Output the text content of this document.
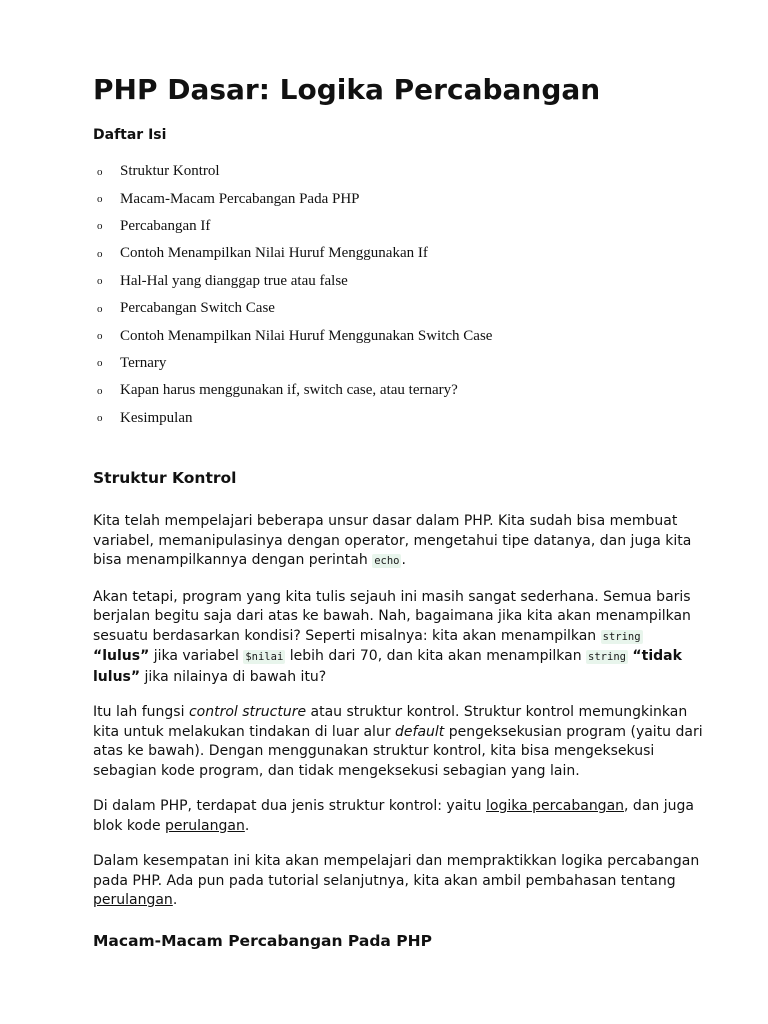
PHP Dasar: Logika Percabangan
Daftar Isi
o	Struktur Kontrol
o	Macam-Macam Percabangan Pada PHP
o	Percabangan If
o	Contoh Menampilkan Nilai Huruf Menggunakan If
o	Hal-Hal yang dianggap true atau false
o	Percabangan Switch Case
o	Contoh Menampilkan Nilai Huruf Menggunakan Switch Case
o	Ternary
o	Kapan harus menggunakan if, switch case, atau ternary?
o	Kesimpulan
Struktur Kontrol

Kita telah mempelajari beberapa unsur dasar dalam PHP. Kita sudah bisa membuat variabel, memanipulasinya dengan operator, mengetahui tipe datanya, dan juga kita bisa menampilkannya dengan perintah echo .

Akan tetapi, program yang kita tulis sejauh ini masih sangat sederhana. Semua baris berjalan begitu saja dari atas ke bawah. Nah, bagaimana jika kita akan menampilkan sesuatu berdasarkan kondisi? Seperti misalnya: kita akan menampilkan string “lulus” jika variabel $nilai lebih dari 70, dan kita akan menampilkan string “tidak lulus” jika nilainya di bawah itu?

Itu lah fungsi control structure atau struktur kontrol. Struktur kontrol memungkinkan kita untuk melakukan tindakan di luar alur default pengeksekusian program (yaitu dari atas ke bawah). Dengan menggunakan struktur kontrol, kita bisa mengeksekusi sebagian kode program, dan tidak mengeksekusi sebagian yang lain.

Di dalam PHP, terdapat dua jenis struktur kontrol: yaitu logika percabangan, dan juga blok kode perulangan.

Dalam kesempatan ini kita akan mempelajari dan mempraktikkan logika percabangan pada PHP. Ada pun pada tutorial selanjutnya, kita akan ambil pembahasan tentang perulangan.

Macam-Macam Percabangan Pada PHP
